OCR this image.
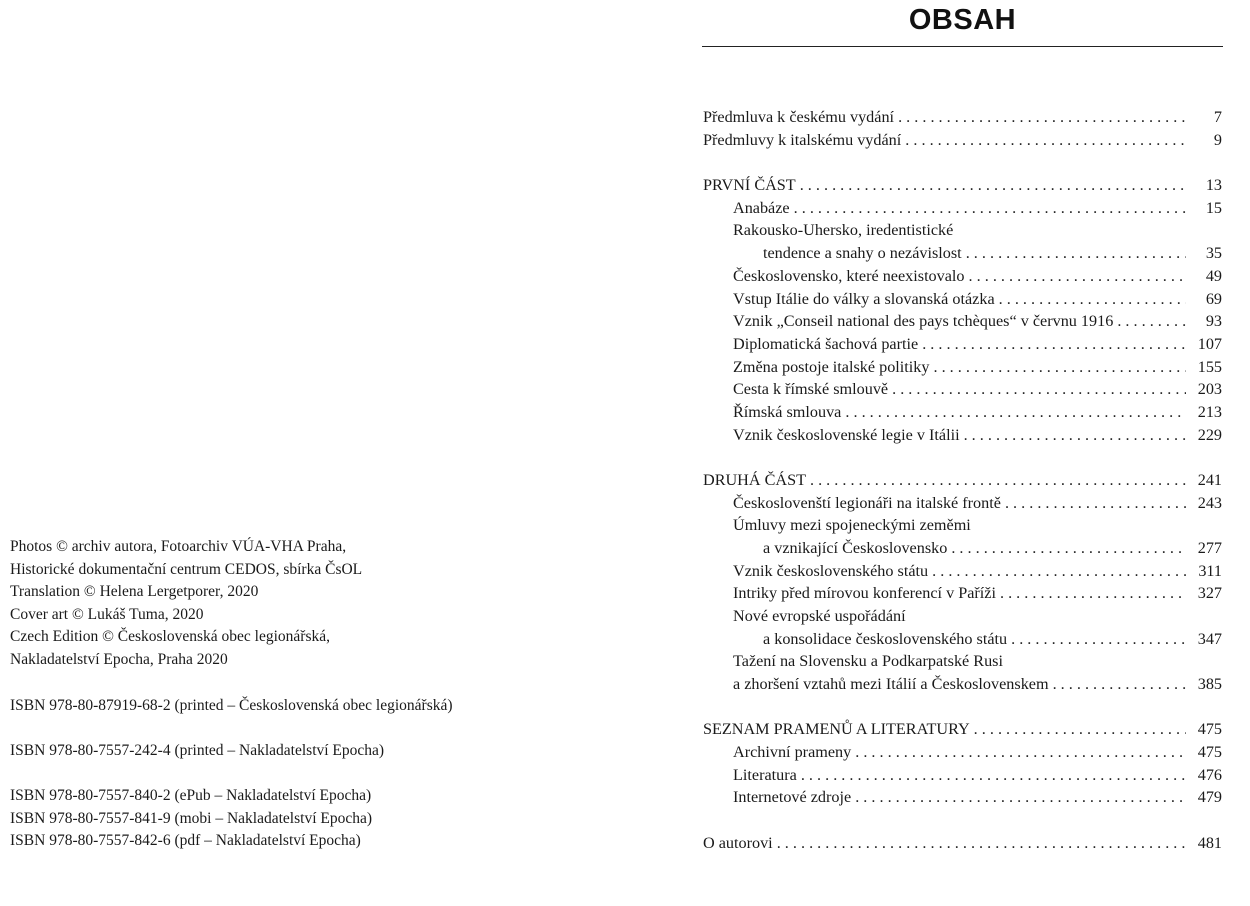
Photos © archiv autora, Fotoarchiv VÚA-VHA Praha,
Historické dokumentační centrum CEDOS, sbírka ČsOL
Translation © Helena Lergetporer, 2020
Cover art © Lukáš Tuma, 2020
Czech Edition © Československá obec legionářská,
Nakladatelství Epocha, Praha 2020
ISBN 978-80-87919-68-2 (printed – Československá obec legionářská)
ISBN 978-80-7557-242-4 (printed – Nakladatelství Epocha)
ISBN 978-80-7557-840-2 (ePub – Nakladatelství Epocha)
ISBN 978-80-7557-841-9 (mobi – Nakladatelství Epocha)
ISBN 978-80-7557-842-6 (pdf – Nakladatelství Epocha)
OBSAH
Předmluva k českému vydání . . .	7
Předmluvy k italskému vydání . . .	9
PRVNÍ ČÁST . . .	13
Anabáze . . .	15
Rakousko-Uhersko, iredentistické
tendence a snahy o nezávislost . . .	35
Československo, které neexistovalo . . .	49
Vstup Itálie do války a slovanská otázka . . .	69
Vznik „Conseil national des pays tchèques“ v červnu 1916 . . .	93
Diplomatická šachová partie . . .	107
Změna postoje italské politiky . . .	155
Cesta k římské smlouvě . . .	203
Římská smlouva . . .	213
Vznik československé legie v Itálii . . .	229
DRUHÁ ČÁST . . .	241
Českoslovenští legionáři na italské frontě . . .	243
Úmluvy mezi spojeneckými zeměmi
a vznikající Československo . . .	277
Vznik československého státu . . .	311
Intriky před mírovou konferencí v Paříži . . .	327
Nové evropské uspořádání
a konsolidace československého státu . . .	347
Tažení na Slovensku a Podkarpatské Rusi
a zhoršení vztahů mezi Itálií a Československem . . .	385
SEZNAM PRAMENŮ A LITERATURY . . .	475
Archivní prameny . . .	475
Literatura . . .	476
Internetové zdroje . . .	479
O autorovi . . .	481
